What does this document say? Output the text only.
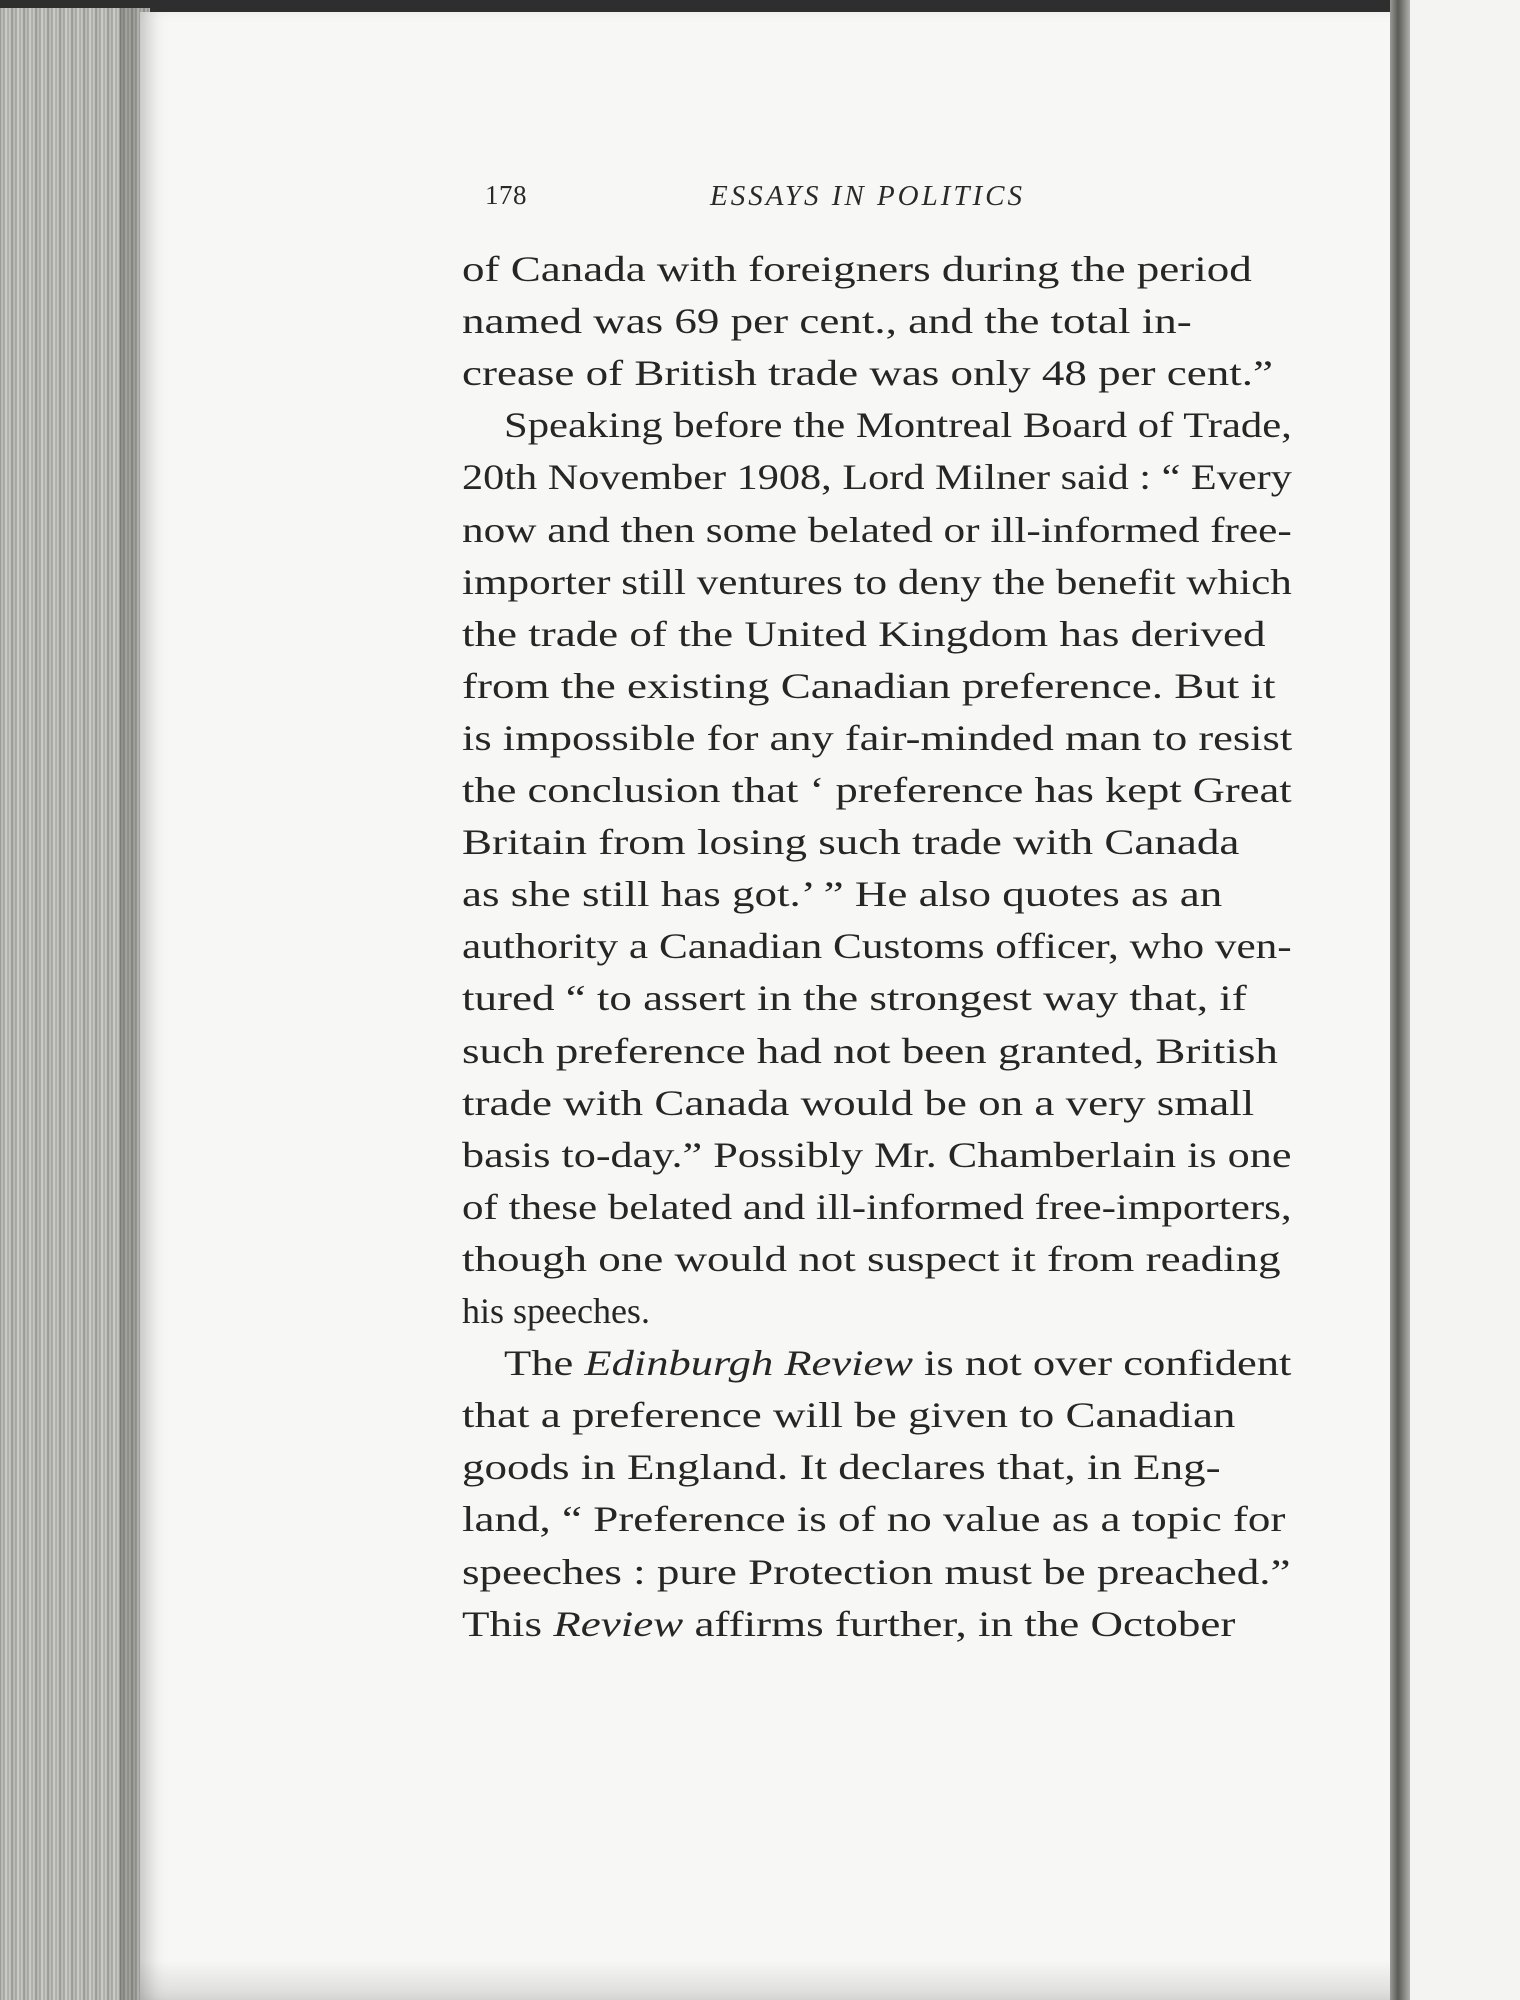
178	ESSAYS IN POLITICS
of Canada with foreigners during the period
named was 69 per cent., and the total in-
crease of British trade was only 48 per cent.”
Speaking before the Montreal Board of Trade,
20th November 1908, Lord Milner said : “ Every
now and then some belated or ill-informed free-
importer still ventures to deny the benefit which
the trade of the United Kingdom has derived
from the existing Canadian preference. But it
is impossible for any fair-minded man to resist
the conclusion that ‘ preference has kept Great
Britain from losing such trade with Canada
as she still has got.’ ” He also quotes as an
authority a Canadian Customs officer, who ven-
tured “ to assert in the strongest way that, if
such preference had not been granted, British
trade with Canada would be on a very small
basis to-day.” Possibly Mr. Chamberlain is one
of these belated and ill-informed free-importers,
though one would not suspect it from reading
his speeches.
The Edinburgh Review is not over confident
that a preference will be given to Canadian
goods in England. It declares that, in Eng-
land, “ Preference is of no value as a topic for
speeches : pure Protection must be preached.”
This Review affirms further, in the October
